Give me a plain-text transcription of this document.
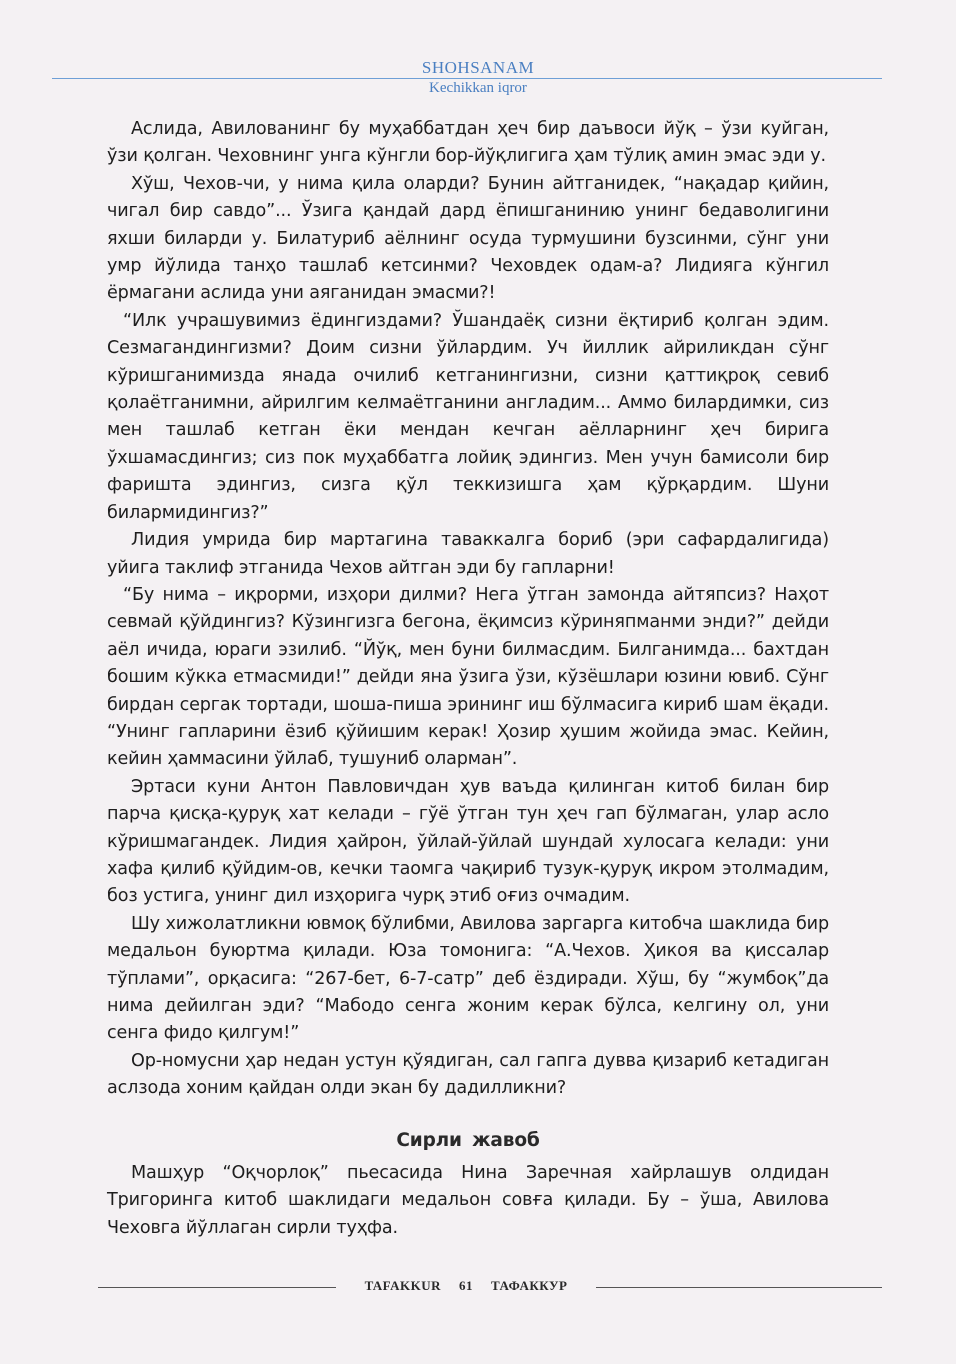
SHOHSANAM
Kechikkan iqror

Аслида, Авилованинг бу муҳаббатдан ҳеч бир даъвоси йўқ – ўзи куйган, ўзи қолган. Чеховнинг унга кўнгли бор-йўқлигига ҳам тўлиқ амин эмас эди у.

Хўш, Чехов-чи, у нима қила оларди? Бунин айтганидек, “нақадар қийин, чигал бир савдо”... Ўзига қандай дард ёпишганинию унинг бедаволигини яхши биларди у. Билатуриб аёлнинг осуда турмушини бузсинми, сўнг уни умр йўлида танҳо ташлаб кетсинми? Чеховдек одам-а? Лидияга кўнгил ёрмагани аслида уни аяганидан эмасми?!

“Илк учрашувимиз ёдингиздами? Ўшандаёқ сизни ёқтириб қолган эдим. Сезмагандингизми? Доим сизни ўйлардим. Уч йиллик айриликдан сўнг кўришганимизда янада очилиб кетганингизни, сизни қаттиқроқ севиб қолаётганимни, айрилгим келмаётганини англадим... Аммо билардимки, сиз мен ташлаб кетган ёки мендан кечган аёлларнинг ҳеч бирига ўхшамасдингиз; сиз пок муҳаббатга лойиқ эдингиз. Мен учун бамисоли бир фаришта эдингиз, сизга қўл теккизишга ҳам қўрқардим. Шуни билармидингиз?”

Лидия умрида бир мартагина таваккалга бориб (эри сафардалигида) уйига таклиф этганида Чехов айтган эди бу гапларни!

“Бу нима – иқрорми, изҳори дилми? Нега ўтган замонда айтяпсиз? Наҳот севмай қўйдингиз? Кўзингизга бегона, ёқимсиз кўриняпманми энди?” дейди аёл ичида, юраги эзилиб. “Йўқ, мен буни билмасдим. Билганимда... бахтдан бошим кўкка етмасмиди!” дейди яна ўзига ўзи, кўзёшлари юзини ювиб. Сўнг бирдан сергак тортади, шоша-пиша эрининг иш бўлмасига кириб шам ёқади. “Унинг гапларини ёзиб қўйишим керак! Ҳозир ҳушим жойида эмас. Кейин, кейин ҳаммасини ўйлаб, тушуниб оларман”.

Эртаси куни Антон Павловичдан ҳув ваъда қилинган китоб билан бир парча қисқа-қуруқ хат келади – гўё ўтган тун ҳеч гап бўлмаган, улар асло кўришмагандек. Лидия ҳайрон, ўйлай-ўйлай шундай хулосага келади: уни хафа қилиб қўйдим-ов, кечки таомга чақириб тузук-қуруқ икром этолмадим, боз устига, унинг дил изҳорига чурқ этиб оғиз очмадим.

Шу хижолатликни ювмоқ бўлибми, Авилова заргарга китобча шаклида бир медальон буюртма қилади. Юза томонига: “А.Чехов. Ҳикоя ва қиссалар тўплами”, орқасига: “267-бет, 6-7-сатр” деб ёздиради. Хўш, бу “жумбоқ”да нима дейилган эди? “Мабодо сенга жоним керак бўлса, келгину ол, уни сенга фидо қилгум!”

Ор-номусни ҳар недан устун қўядиган, сал гапга дувва қизариб кетадиган аслзода хоним қайдан олди экан бу дадилликни?

Сирли жавоб

Машҳур “Оқчорлоқ” пьесасида Нина Заречная хайрлашув олдидан Тригорингa китоб шаклидаги медальон совға қилади. Бу – ўша, Авилова Чеховга йўллаган сирли туҳфа.

TAFAKKUR 61 ТАФАККУР
